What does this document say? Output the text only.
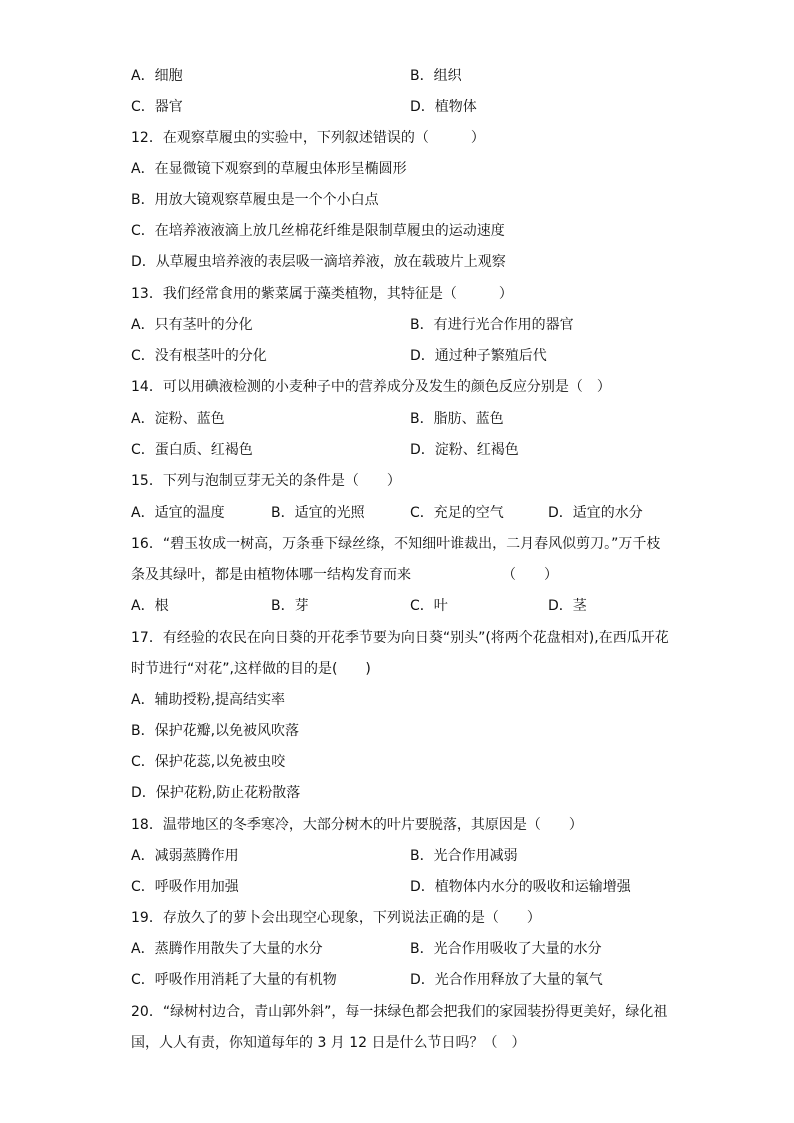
A．细胞	B．组织
C．器官	D．植物体
12．在观察草履虫的实验中，下列叙述错误的（　　　）
A．在显微镜下观察到的草履虫体形呈椭圆形
B．用放大镜观察草履虫是一个个小白点
C．在培养液液滴上放几丝棉花纤维是限制草履虫的运动速度
D．从草履虫培养液的表层吸一滴培养液，放在载玻片上观察
13．我们经常食用的紫菜属于藻类植物，其特征是（　　　）
A．只有茎叶的分化	B．有进行光合作用的器官
C．没有根茎叶的分化	D．通过种子繁殖后代
14．可以用碘液检测的小麦种子中的营养成分及发生的颜色反应分别是（　）
A．淀粉、蓝色	B．脂肪、蓝色
C．蛋白质、红褐色	D．淀粉、红褐色
15．下列与泡制豆芽无关的条件是（　　）
A．适宜的温度	B．适宜的光照	C．充足的空气	D．适宜的水分
16．“碧玉妆成一树高，万条垂下绿丝绦，不知细叶谁裁出，二月春风似剪刀。”万千枝
条及其绿叶，都是由植物体哪一结构发育而来	（　　）
A．根	B．芽	C．叶	D．茎
17．有经验的农民在向日葵的开花季节要为向日葵“别头”(将两个花盘相对),在西瓜开花
时节进行“对花”,这样做的目的是(　　)
A．辅助授粉,提高结实率
B．保护花瓣,以免被风吹落
C．保护花蕊,以免被虫咬
D．保护花粉,防止花粉散落
18．温带地区的冬季寒冷，大部分树木的叶片要脱落，其原因是（　　）
A．减弱蒸腾作用	B．光合作用减弱
C．呼吸作用加强	D．植物体内水分的吸收和运输增强
19．存放久了的萝卜会出现空心现象，下列说法正确的是（　　）
A．蒸腾作用散失了大量的水分	B．光合作用吸收了大量的水分
C．呼吸作用消耗了大量的有机物	D．光合作用释放了大量的氧气
20．“绿树村边合，青山郭外斜”，每一抹绿色都会把我们的家园装扮得更美好，绿化祖
国，人人有责，你知道每年的 3 月 12 日是什么节日吗？（　）
